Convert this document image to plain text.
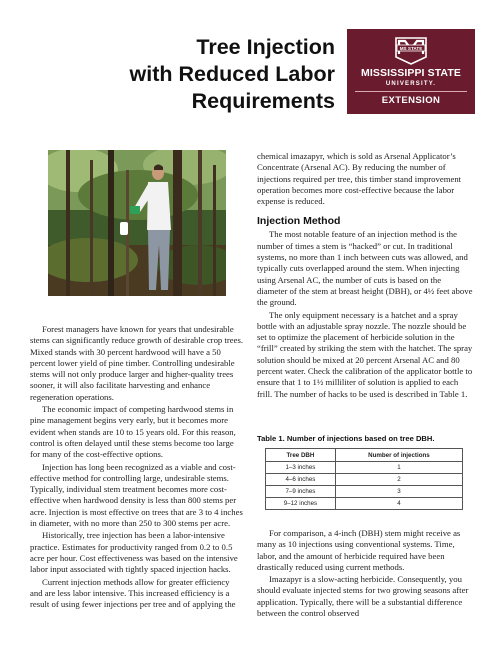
Tree Injection
with Reduced Labor
Requirements
MS STATE
MISSISSIPPI STATE
UNIVERSITY.
EXTENSION

Forest managers have known for years that undesirable stems can significantly reduce growth of desirable crop trees. Mixed stands with 30 percent hardwood will have a 50 percent lower yield of pine timber. Controlling undesirable stems will not only produce larger and higher-quality trees sooner, it will also facilitate harvesting and enhance regeneration operations.

The economic impact of competing hardwood stems in pine management begins very early, but it becomes more evident when stands are 10 to 15 years old. For this reason, control is often delayed until these stems become too large for many of the cost-effective options.

Injection has long been recognized as a viable and cost-effective method for controlling large, undesirable stems. Typically, individual stem treatment becomes more cost-effective when hardwood density is less than 800 stems per acre. Injection is most effective on trees that are 3 to 4 inches in diameter, with no more than 250 to 300 stems per acre.

Historically, tree injection has been a labor-intensive practice. Estimates for productivity ranged from 0.2 to 0.5 acre per hour. Cost effectiveness was based on the intensive labor input associated with tightly spaced injection hacks.

Current injection methods allow for greater efficiency and are less labor intensive. This increased efficiency is a result of using fewer injections per tree and of applying the

chemical imazapyr, which is sold as Arsenal Applicator’s Concentrate (Arsenal AC). By reducing the number of injections required per tree, this timber stand improvement operation becomes more cost-effective because the labor expense is reduced.

Injection Method

The most notable feature of an injection method is the number of times a stem is “hacked” or cut. In traditional systems, no more than 1 inch between cuts was allowed, and typically cuts overlapped around the stem. When injecting using Arsenal AC, the number of cuts is based on the diameter of the stem at breast height (DBH), or 4½ feet above the ground.

The only equipment necessary is a hatchet and a spray bottle with an adjustable spray nozzle. The nozzle should be set to optimize the placement of herbicide solution in the “frill” created by striking the stem with the hatchet. The spray solution should be mixed at 20 percent Arsenal AC and 80 percent water. Check the calibration of the applicator bottle to ensure that 1 to 1½ milliliter of solution is applied to each frill. The number of hacks to be used is described in Table 1.

Table 1. Number of injections based on tree DBH.
Tree DBH	Number of injections
1–3 inches	1
4–6 inches	2
7–9 inches	3
9–12 inches	4

For comparison, a 4-inch (DBH) stem might receive as many as 10 injections using conventional systems. Time, labor, and the amount of herbicide required have been drastically reduced using current methods.

Imazapyr is a slow-acting herbicide. Consequently, you should evaluate injected stems for two growing seasons after application. Typically, there will be a substantial difference between the control observed
